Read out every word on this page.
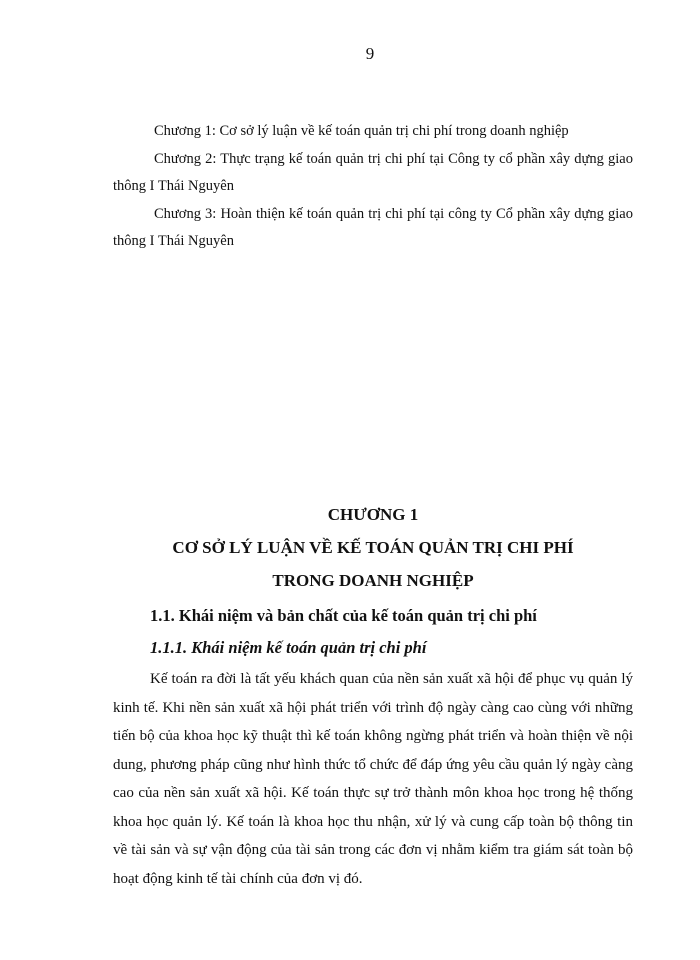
9

Chương 1: Cơ sở lý luận về kế toán quản trị chi phí trong doanh nghiệp

Chương 2: Thực trạng kế toán quản trị chi phí tại Công ty cổ phần xây dựng giao thông I Thái Nguyên

Chương 3: Hoàn thiện kế toán quản trị chi phí tại công ty Cổ phần xây dựng giao thông I Thái Nguyên

CHƯƠNG 1

CƠ SỞ LÝ LUẬN VỀ KẾ TOÁN QUẢN TRỊ CHI PHÍ

TRONG DOANH NGHIỆP

1.1. Khái niệm và bản chất của kế toán quản trị chi phí

1.1.1. Khái niệm kế toán quản trị chi phí

Kế toán ra đời là tất yếu khách quan của nền sản xuất xã hội để phục vụ quản lý kinh tế. Khi nền sản xuất xã hội phát triển với trình độ ngày càng cao cùng với những tiến bộ của khoa học kỹ thuật thì kế toán không ngừng phát triển và hoàn thiện về nội dung, phương pháp cũng như hình thức tổ chức để đáp ứng yêu cầu quản lý ngày càng cao của nền sản xuất xã hội. Kế toán thực sự trở thành môn khoa học trong hệ thống khoa học quản lý. Kế toán là khoa học thu nhận, xử lý và cung cấp toàn bộ thông tin về tài sản và sự vận động của tài sản trong các đơn vị nhằm kiểm tra giám sát toàn bộ hoạt động kinh tế tài chính của đơn vị đó.
